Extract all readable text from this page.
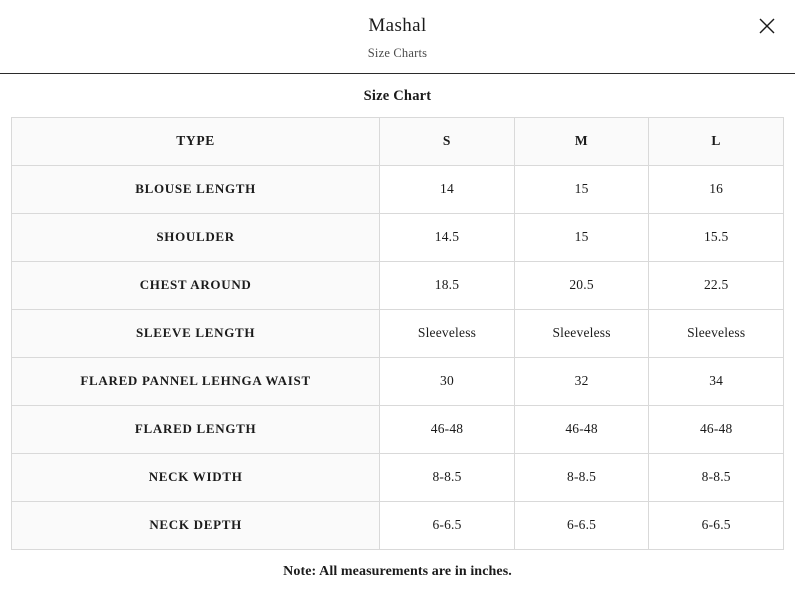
Mashal

Size Charts

Size Chart
TYPE	S	M	L
BLOUSE LENGTH	14	15	16
SHOULDER	14.5	15	15.5
CHEST AROUND	18.5	20.5	22.5
SLEEVE LENGTH	Sleeveless	Sleeveless	Sleeveless
FLARED PANNEL LEHNGA WAIST	30	32	34
FLARED LENGTH	46-48	46-48	46-48
NECK WIDTH	8-8.5	8-8.5	8-8.5
NECK DEPTH	6-6.5	6-6.5	6-6.5
Note: All measurements are in inches.
